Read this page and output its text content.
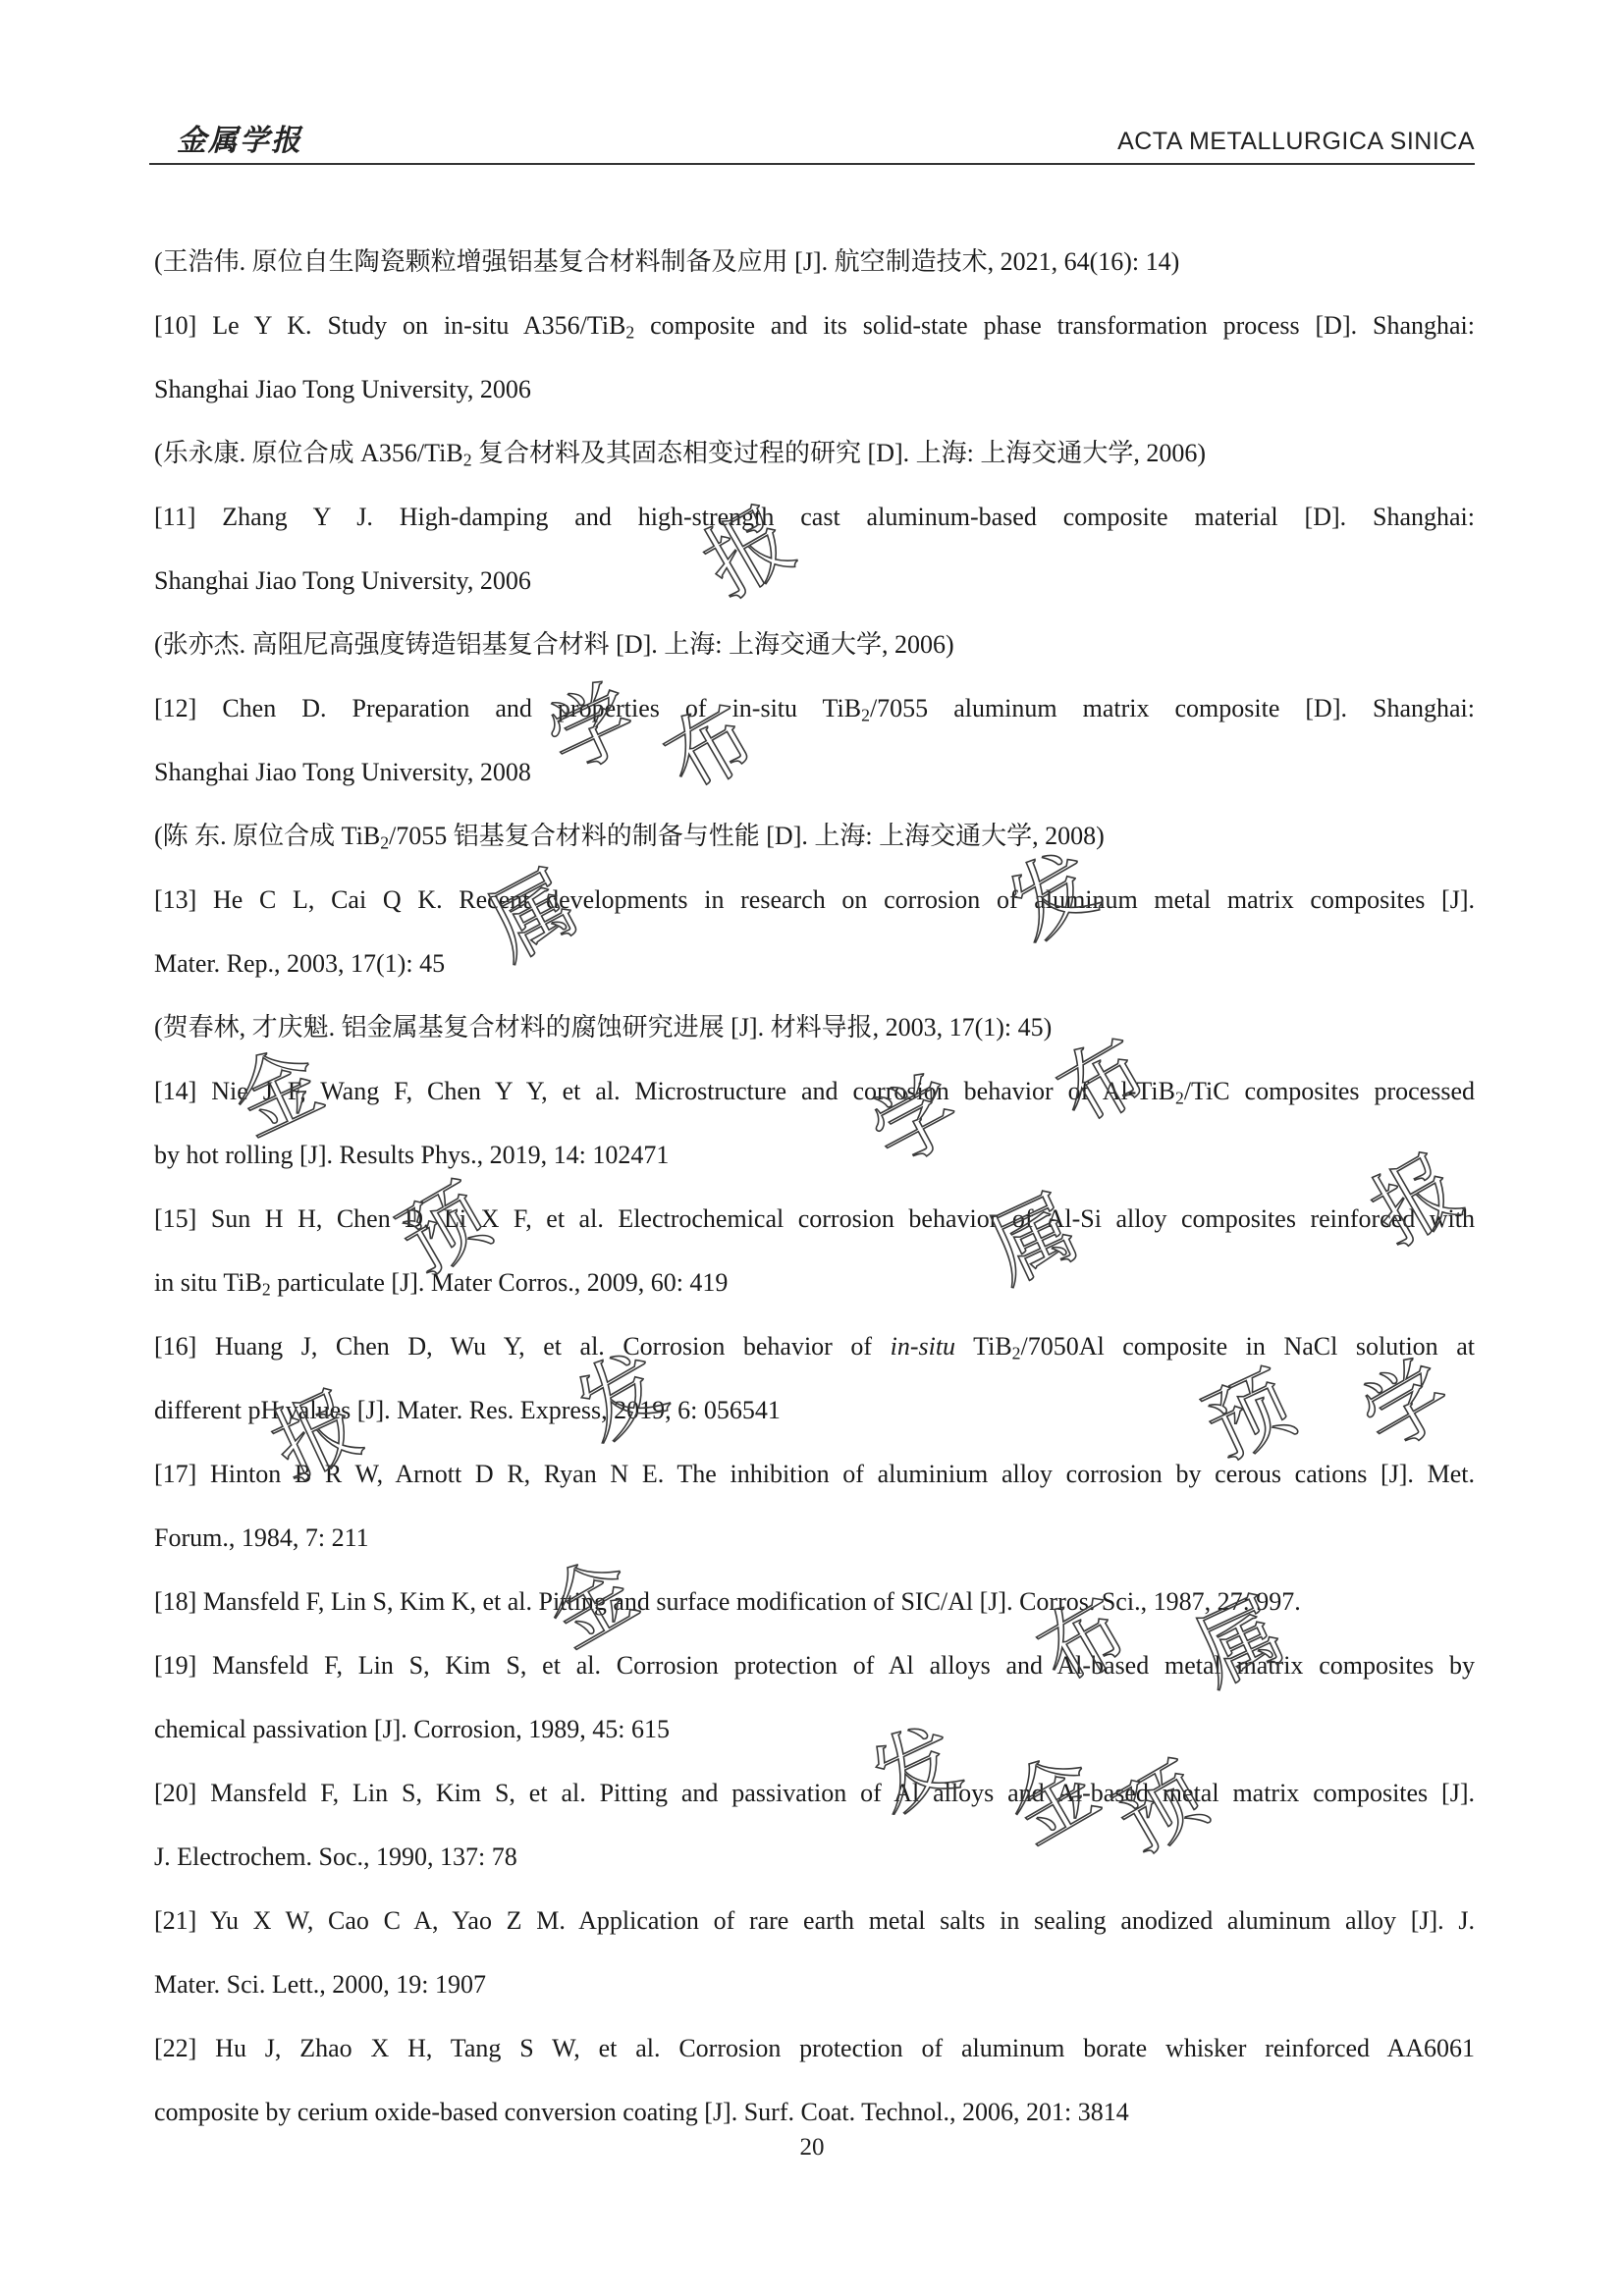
金属学报	ACTA METALLURGICA SINICA
(王浩伟. 原位自生陶瓷颗粒增强铝基复合材料制备及应用 [J]. 航空制造技术, 2021, 64(16): 14)
[10] Le Y K. Study on in-situ A356/TiB$_2$ composite and its solid-state phase transformation process [D]. Shanghai:
Shanghai Jiao Tong University, 2006
(乐永康. 原位合成 A356/TiB$_2$ 复合材料及其固态相变过程的研究 [D]. 上海: 上海交通大学, 2006)
[11] Zhang Y J. High-damping and high-strength cast aluminum-based composite material [D]. Shanghai:
Shanghai Jiao Tong University, 2006
(张亦杰. 高阻尼高强度铸造铝基复合材料 [D]. 上海: 上海交通大学, 2006)
[12] Chen D. Preparation and properties of in-situ TiB$_2$/7055 aluminum matrix composite [D]. Shanghai:
Shanghai Jiao Tong University, 2008
(陈 东. 原位合成 TiB$_2$/7055 铝基复合材料的制备与性能 [D]. 上海: 上海交通大学, 2008)
[13] He C L, Cai Q K. Recent developments in research on corrosion of aluminum metal matrix composites [J].
Mater. Rep., 2003, 17(1): 45
(贺春林, 才庆魁. 铝金属基复合材料的腐蚀研究进展 [J]. 材料导报, 2003, 17(1): 45)
[14] Nie J F, Wang F, Chen Y Y, et al. Microstructure and corrosion behavior of Al-TiB$_2$/TiC composites processed
by hot rolling [J]. Results Phys., 2019, 14: 102471
[15] Sun H H, Chen D, Li X F, et al. Electrochemical corrosion behavior of Al-Si alloy composites reinforced with
in situ TiB$_2$ particulate [J]. Mater Corros., 2009, 60: 419
[16] Huang J, Chen D, Wu Y, et al. Corrosion behavior of in-situ TiB$_2$/7050Al composite in NaCl solution at
different pH values [J]. Mater. Res. Express, 2019, 6: 056541
[17] Hinton B R W, Arnott D R, Ryan N E. The inhibition of aluminium alloy corrosion by cerous cations [J]. Met.
Forum., 1984, 7: 211
[18] Mansfeld F, Lin S, Kim K, et al. Pitting and surface modification of SIC/Al [J]. Corros. Sci., 1987, 27: 997.
[19] Mansfeld F, Lin S, Kim S, et al. Corrosion protection of Al alloys and Al-based metal matrix composites by
chemical passivation [J]. Corrosion, 1989, 45: 615
[20] Mansfeld F, Lin S, Kim S, et al. Pitting and passivation of Al alloys and Al-based metal matrix composites [J].
J. Electrochem. Soc., 1990, 137: 78
[21] Yu X W, Cao C A, Yao Z M. Application of rare earth metal salts in sealing anodized aluminum alloy [J]. J.
Mater. Sci. Lett., 2000, 19: 1907
[22] Hu J, Zhao X H, Tang S W, et al. Corrosion protection of aluminum borate whisker reinforced AA6061
composite by cerium oxide-based conversion coating [J]. Surf. Coat. Technol., 2006, 201: 3814
20
报
学
布
属	发
报
金
预
学 布
属
发
报
金
预 学
布 属
发 金
预
